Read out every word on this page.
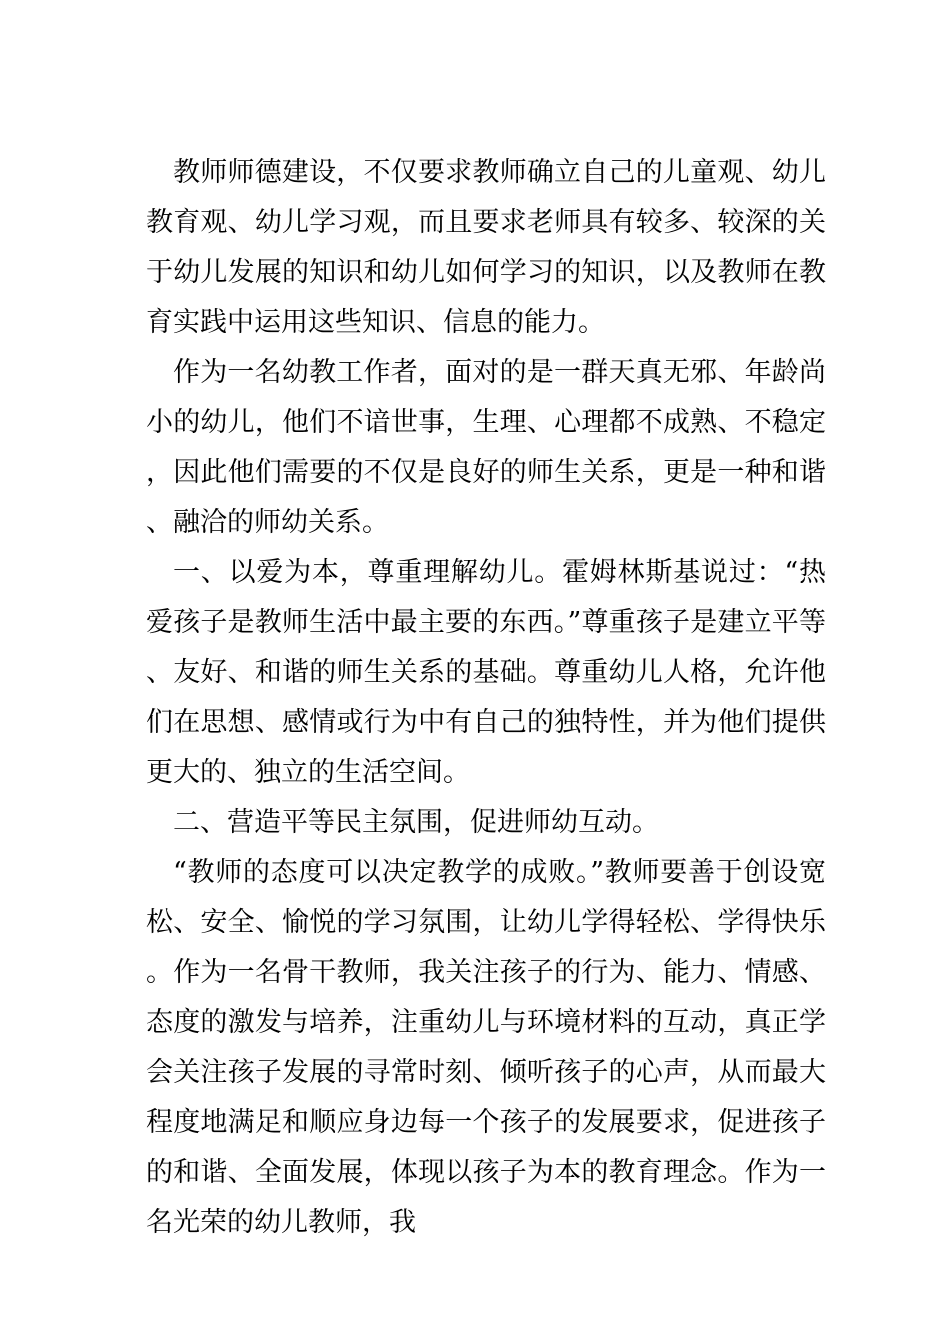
教师师德建设，不仅要求教师确立自己的儿童观、幼儿教育观、幼儿学习观，而且要求老师具有较多、较深的关于幼儿发展的知识和幼儿如何学习的知识，以及教师在教育实践中运用这些知识、信息的能力。

作为一名幼教工作者，面对的是一群天真无邪、年龄尚小的幼儿，他们不谙世事，生理、心理都不成熟、不稳定，因此他们需要的不仅是良好的师生关系，更是一种和谐、融洽的师幼关系。

一、以爱为本，尊重理解幼儿。霍姆林斯基说过：“热爱孩子是教师生活中最主要的东西。”尊重孩子是建立平等、友好、和谐的师生关系的基础。尊重幼儿人格，允许他们在思想、感情或行为中有自己的独特性，并为他们提供更大的、独立的生活空间。

二、营造平等民主氛围，促进师幼互动。

“教师的态度可以决定教学的成败。”教师要善于创设宽松、安全、愉悦的学习氛围，让幼儿学得轻松、学得快乐。作为一名骨干教师，我关注孩子的行为、能力、情感、态度的激发与培养，注重幼儿与环境材料的互动，真正学会关注孩子发展的寻常时刻、倾听孩子的心声，从而最大程度地满足和顺应身边每一个孩子的发展要求，促进孩子的和谐、全面发展，体现以孩子为本的教育理念。作为一名光荣的幼儿教师，我
